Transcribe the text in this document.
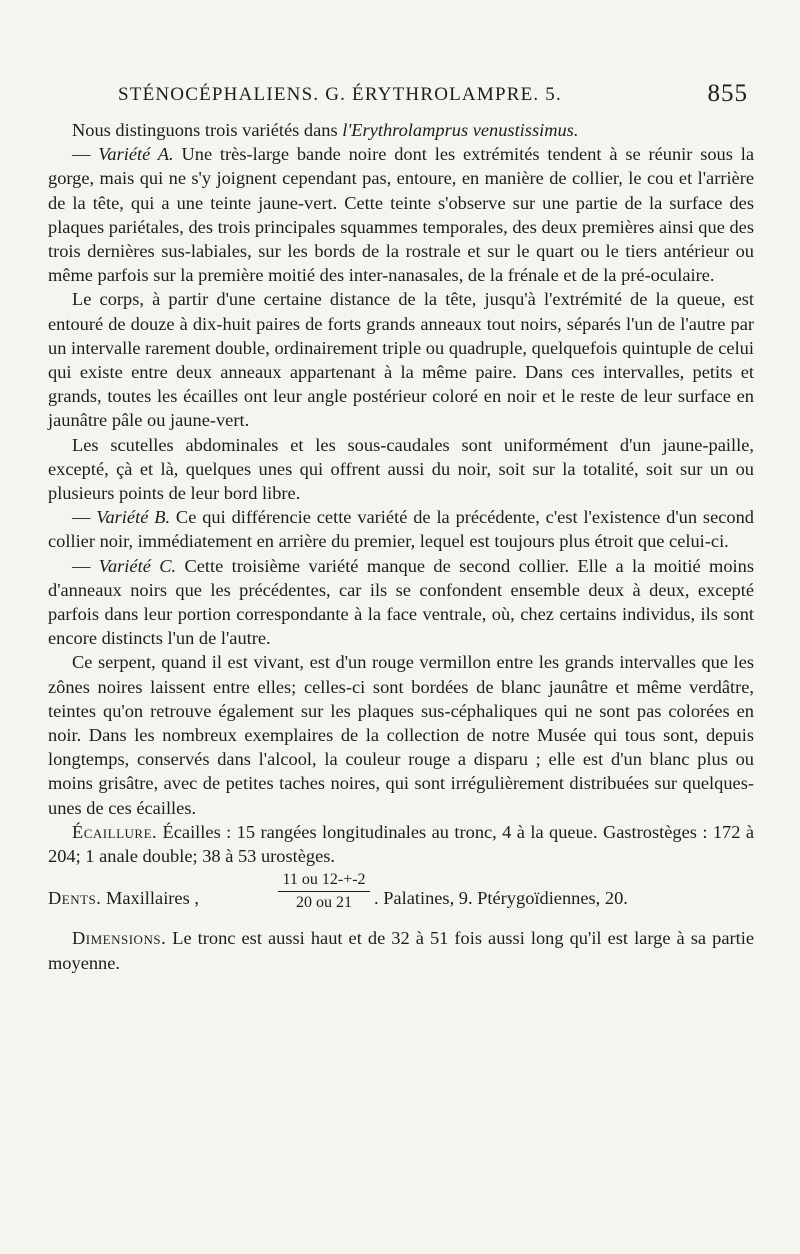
STÉNOCÉPHALIENS. G. ÉRYTHROLAMPRE. 5.	855

Nous distinguons trois variétés dans l'Erythrolamprus venustissimus.

— Variété A. Une très-large bande noire dont les extrémités tendent à se réunir sous la gorge, mais qui ne s'y joignent cependant pas, entoure, en manière de collier, le cou et l'arrière de la tête, qui a une teinte jaune-vert. Cette teinte s'observe sur une partie de la surface des plaques pariétales, des trois principales squammes temporales, des deux premières ainsi que des trois dernières sus-labiales, sur les bords de la rostrale et sur le quart ou le tiers antérieur ou même parfois sur la première moitié des inter-nanasales, de la frénale et de la pré-oculaire.

Le corps, à partir d'une certaine distance de la tête, jusqu'à l'extrémité de la queue, est entouré de douze à dix-huit paires de forts grands anneaux tout noirs, séparés l'un de l'autre par un intervalle rarement double, ordinairement triple ou quadruple, quelquefois quintuple de celui qui existe entre deux anneaux appartenant à la même paire. Dans ces intervalles, petits et grands, toutes les écailles ont leur angle postérieur coloré en noir et le reste de leur surface en jaunâtre pâle ou jaune-vert.

Les scutelles abdominales et les sous-caudales sont uniformément d'un jaune-paille, excepté, çà et là, quelques unes qui offrent aussi du noir, soit sur la totalité, soit sur un ou plusieurs points de leur bord libre.

— Variété B. Ce qui différencie cette variété de la précédente, c'est l'existence d'un second collier noir, immédiatement en arrière du premier, lequel est toujours plus étroit que celui-ci.

— Variété C. Cette troisième variété manque de second collier. Elle a la moitié moins d'anneaux noirs que les précédentes, car ils se confondent ensemble deux à deux, excepté parfois dans leur portion correspondante à la face ventrale, où, chez certains individus, ils sont encore distincts l'un de l'autre.

Ce serpent, quand il est vivant, est d'un rouge vermillon entre les grands intervalles que les zônes noires laissent entre elles; celles-ci sont bordées de blanc jaunâtre et même verdâtre, teintes qu'on retrouve également sur les plaques sus-céphaliques qui ne sont pas colorées en noir. Dans les nombreux exemplaires de la collection de notre Musée qui tous sont, depuis longtemps, conservés dans l'alcool, la couleur rouge a disparu ; elle est d'un blanc plus ou moins grisâtre, avec de petites taches noires, qui sont irrégulièrement distribuées sur quelques-unes de ces écailles.

Écaillure. Écailles : 15 rangées longitudinales au tronc, 4 à la queue. Gastrostèges : 172 à 204; 1 anale double; 38 à 53 urostèges.

Dents. Maxillaires ,	$\frac{11 ou 12-+-2}{20 ou 21}$ . Palatines, 9. Ptérygoïdiennes, 20.

Dimensions. Le tronc est aussi haut et de 32 à 51 fois aussi long qu'il est large à sa partie moyenne.
